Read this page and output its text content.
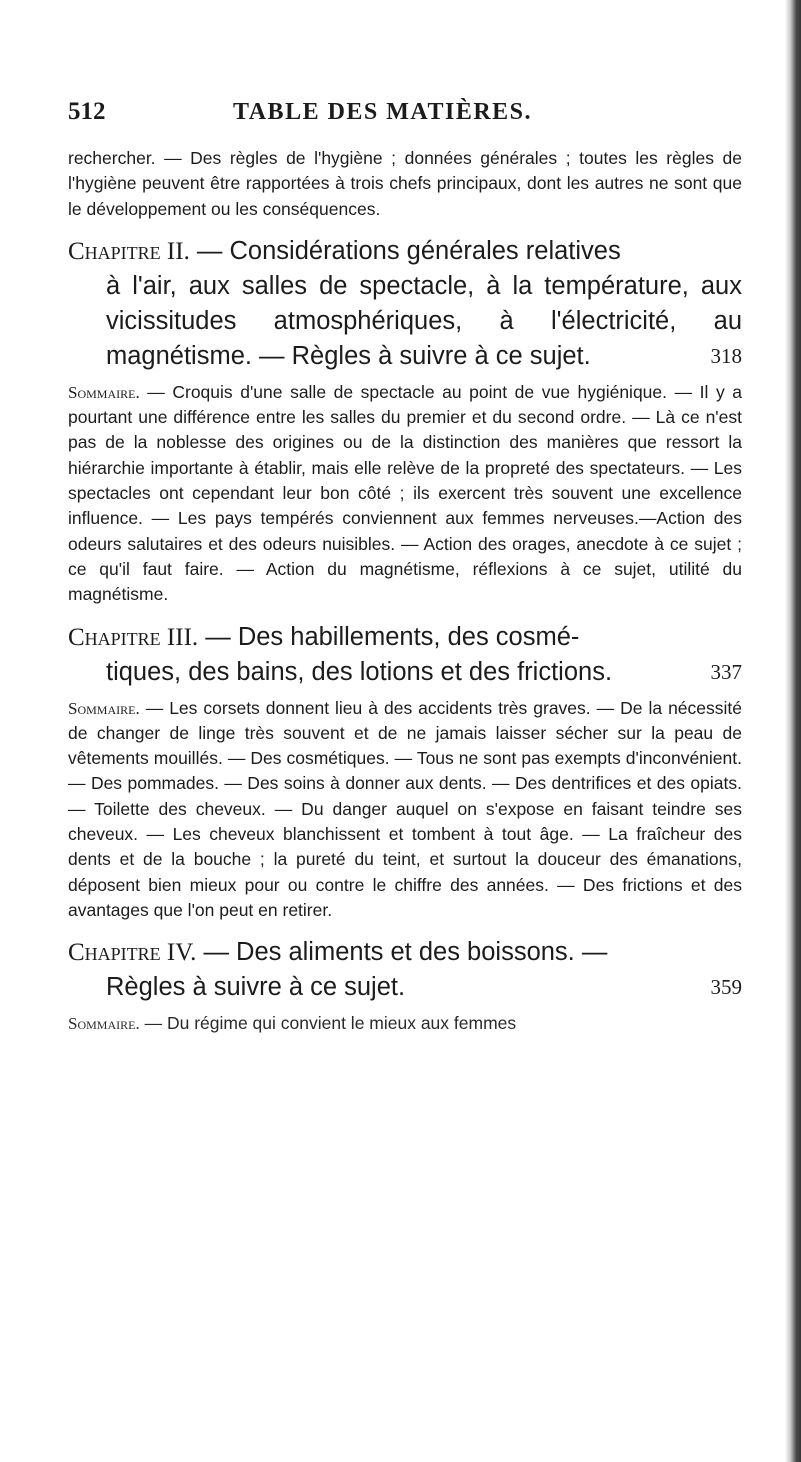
512	TABLE DES MATIÈRES.

rechercher. — Des règles de l'hygiène ; données générales ; toutes les règles de l'hygiène peuvent être rapportées à trois chefs principaux, dont les autres ne sont que le développement ou les conséquences.

Chapitre II. — Considérations générales relatives
à l'air, aux salles de spectacle, à la température, aux vicissitudes atmosphériques, à l'électricité, au magnétisme. — Règles à suivre à ce sujet.	318

Sommaire. — Croquis d'une salle de spectacle au point de vue hygiénique. — Il y a pourtant une différence entre les salles du premier et du second ordre. — Là ce n'est pas de la noblesse des origines ou de la distinction des manières que ressort la hiérarchie importante à établir, mais elle relève de la propreté des spectateurs. — Les spectacles ont cependant leur bon côté ; ils exercent très souvent une excellence influence. — Les pays tempérés conviennent aux femmes nerveuses.—Action des odeurs salutaires et des odeurs nuisibles. — Action des orages, anecdote à ce sujet ; ce qu'il faut faire. — Action du magnétisme, réflexions à ce sujet, utilité du magnétisme.

Chapitre III. — Des habillements, des cosmé-
tiques, des bains, des lotions et des frictions.	337

Sommaire. — Les corsets donnent lieu à des accidents très graves. — De la nécessité de changer de linge très souvent et de ne jamais laisser sécher sur la peau de vêtements mouillés. — Des cosmétiques. — Tous ne sont pas exempts d'inconvénient. — Des pommades. — Des soins à donner aux dents. — Des dentrifices et des opiats. — Toilette des cheveux. — Du danger auquel on s'expose en faisant teindre ses cheveux. — Les cheveux blanchissent et tombent à tout âge. — La fraîcheur des dents et de la bouche ; la pureté du teint, et surtout la douceur des émanations, déposent bien mieux pour ou contre le chiffre des années. — Des frictions et des avantages que l'on peut en retirer.

Chapitre IV. — Des aliments et des boissons. —
Règles à suivre à ce sujet.	359

Sommaire. — Du régime qui convient le mieux aux femmes
